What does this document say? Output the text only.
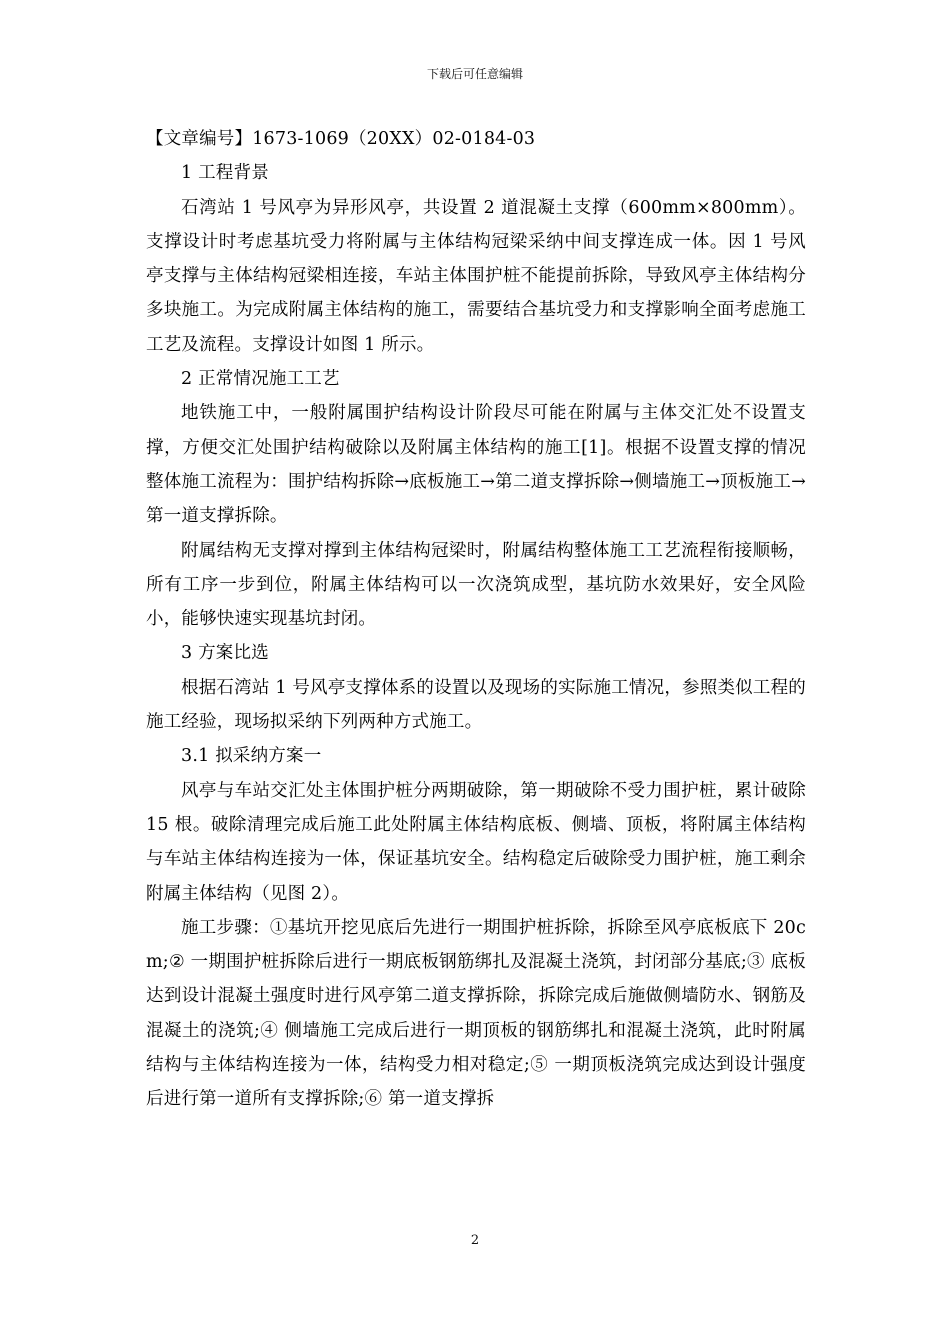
下载后可任意编辑

【文章编号】1673-1069（20XX）02-0184-03

1 工程背景

石湾站 1 号风亭为异形风亭，共设置 2 道混凝土支撑（600mm×800mm）。支撑设计时考虑基坑受力将附属与主体结构冠梁采纳中间支撑连成一体。因 1 号风亭支撑与主体结构冠梁相连接，车站主体围护桩不能提前拆除，导致风亭主体结构分多块施工。为完成附属主体结构的施工，需要结合基坑受力和支撑影响全面考虑施工工艺及流程。支撑设计如图 1 所示。

2 正常情况施工工艺

地铁施工中，一般附属围护结构设计阶段尽可能在附属与主体交汇处不设置支撑，方便交汇处围护结构破除以及附属主体结构的施工[1]。根据不设置支撑的情况整体施工流程为：围护结构拆除→底板施工→第二道支撑拆除→侧墙施工→顶板施工→第一道支撑拆除。

附属结构无支撑对撑到主体结构冠梁时，附属结构整体施工工艺流程衔接顺畅，所有工序一步到位，附属主体结构可以一次浇筑成型，基坑防水效果好，安全风险小，能够快速实现基坑封闭。

3 方案比选

根据石湾站 1 号风亭支撑体系的设置以及现场的实际施工情况，参照类似工程的施工经验，现场拟采纳下列两种方式施工。

3.1 拟采纳方案一

风亭与车站交汇处主体围护桩分两期破除，第一期破除不受力围护桩，累计破除 15 根。破除清理完成后施工此处附属主体结构底板、侧墙、顶板，将附属主体结构与车站主体结构连接为一体，保证基坑安全。结构稳定后破除受力围护桩，施工剩余附属主体结构（见图 2）。

施工步骤：①基坑开挖见底后先进行一期围护桩拆除，拆除至风亭底板底下 20cm;② 一期围护桩拆除后进行一期底板钢筋绑扎及混凝土浇筑，封闭部分基底;③ 底板达到设计混凝土强度时进行风亭第二道支撑拆除，拆除完成后施做侧墙防水、钢筋及混凝土的浇筑;④ 侧墙施工完成后进行一期顶板的钢筋绑扎和混凝土浇筑，此时附属结构与主体结构连接为一体，结构受力相对稳定;⑤ 一期顶板浇筑完成达到设计强度后进行第一道所有支撑拆除;⑥ 第一道支撑拆

2
